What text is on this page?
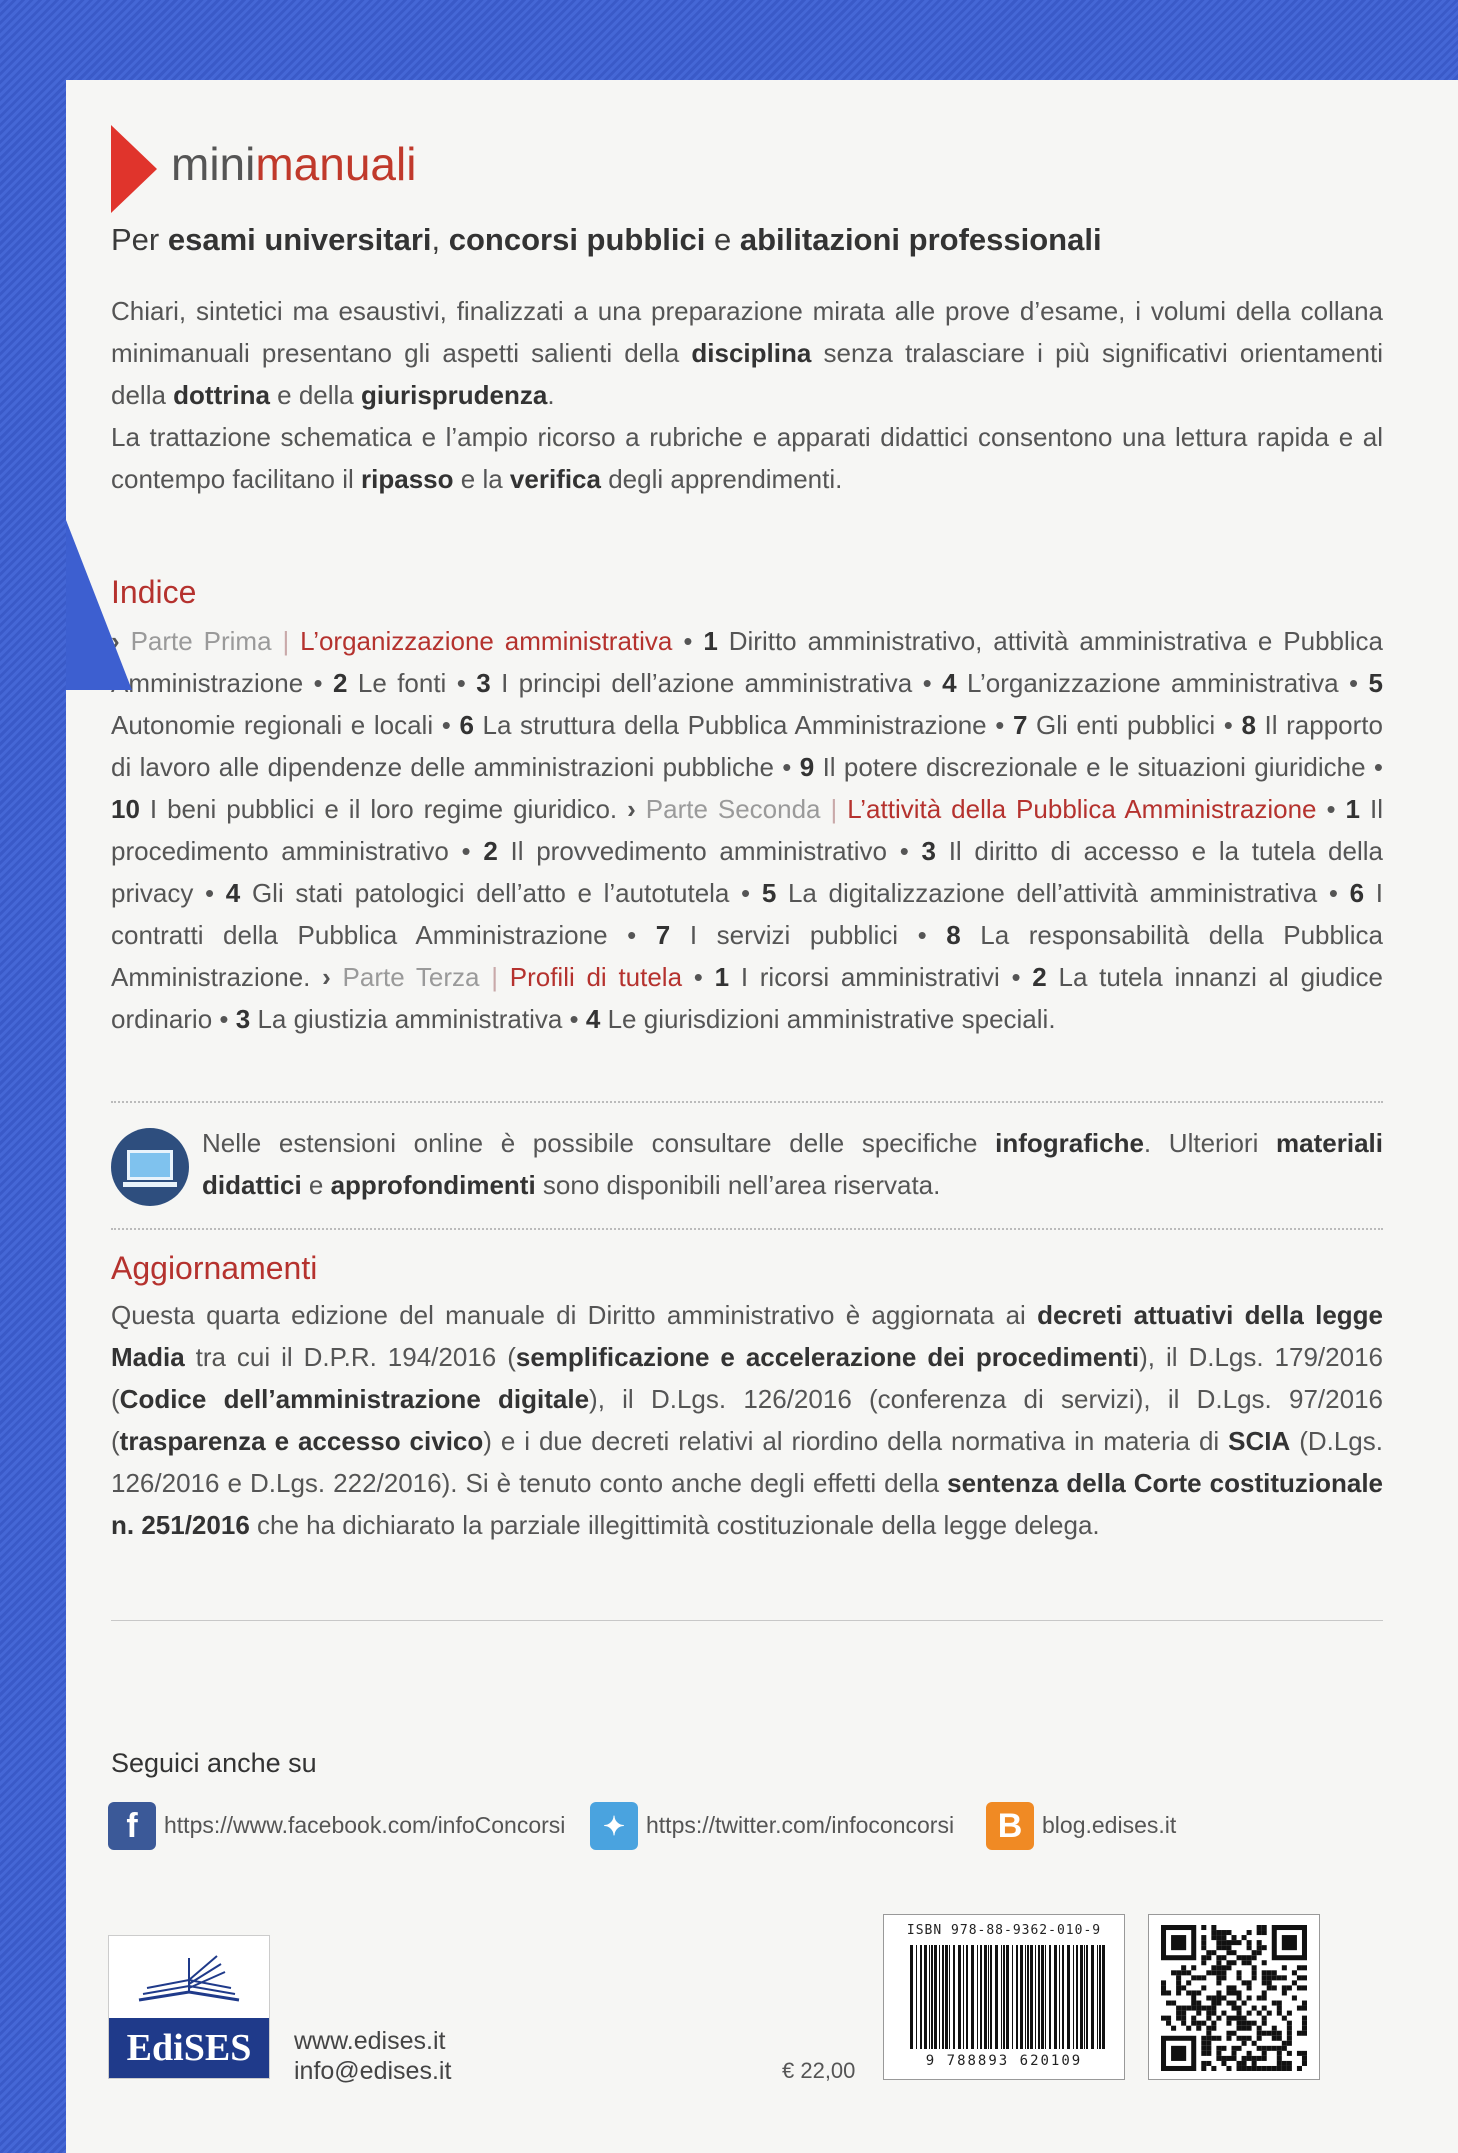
minimanuali
Per esami universitari, concorsi pubblici e abilitazioni professionali
Chiari, sintetici ma esaustivi, finalizzati a una preparazione mirata alle prove d’esame, i volumi della collana minimanuali presentano gli aspetti salienti della disciplina senza tralasciare i più significativi orientamenti della dottrina e della giurisprudenza.
La trattazione schematica e l’ampio ricorso a rubriche e apparati didattici consentono una lettura rapida e al contempo facilitano il ripasso e la verifica degli apprendimenti.
Indice
› Parte Prima | L’organizzazione amministrativa • 1 Diritto amministrativo, attività amministrativa e Pubblica Amministrazione • 2 Le fonti • 3 I principi dell’azione amministrativa • 4 L’organizzazione amministrativa • 5 Autonomie regionali e locali • 6 La struttura della Pubblica Amministrazione • 7 Gli enti pubblici • 8 Il rapporto di lavoro alle dipendenze delle amministrazioni pubbliche • 9 Il potere discrezionale e le situazioni giuridiche • 10 I beni pubblici e il loro regime giuridico. › Parte Seconda | L’attività della Pubblica Amministrazione • 1 Il procedimento amministrativo • 2 Il provvedimento amministrativo • 3 Il diritto di accesso e la tutela della privacy • 4 Gli stati patologici dell’atto e l’autotutela • 5 La digitalizzazione dell’attività amministrativa • 6 I contratti della Pubblica Amministrazione • 7 I servizi pubblici • 8 La responsabilità della Pubblica Amministrazione. › Parte Terza | Profili di tutela • 1 I ricorsi amministrativi • 2 La tutela innanzi al giudice ordinario • 3 La giustizia amministrativa • 4 Le giurisdizioni amministrative speciali.
Nelle estensioni online è possibile consultare delle specifiche infografiche. Ulteriori materiali didattici e approfondimenti sono disponibili nell’area riservata.
Aggiornamenti
Questa quarta edizione del manuale di Diritto amministrativo è aggiornata ai decreti attuativi della legge Madia tra cui il D.P.R. 194/2016 (semplificazione e accelerazione dei procedimenti), il D.Lgs. 179/2016 (Codice dell’amministrazione digitale), il D.Lgs. 126/2016 (conferenza di servizi), il D.Lgs. 97/2016 (trasparenza e accesso civico) e i due decreti relativi al riordino della normativa in materia di SCIA (D.Lgs. 126/2016 e D.Lgs. 222/2016). Si è tenuto conto anche degli effetti della sentenza della Corte costituzionale n. 251/2016 che ha dichiarato la parziale illegittimità costituzionale della legge delega.
Seguici anche su
f	https://www.facebook.com/infoConcorsi	✦ https://twitter.com/infoconcorsi	B blog.edises.it
EdiSES	www.edises.it
info@edises.it	€ 22,00
ISBN 978-88-9362-010-9
9 788893 620109
